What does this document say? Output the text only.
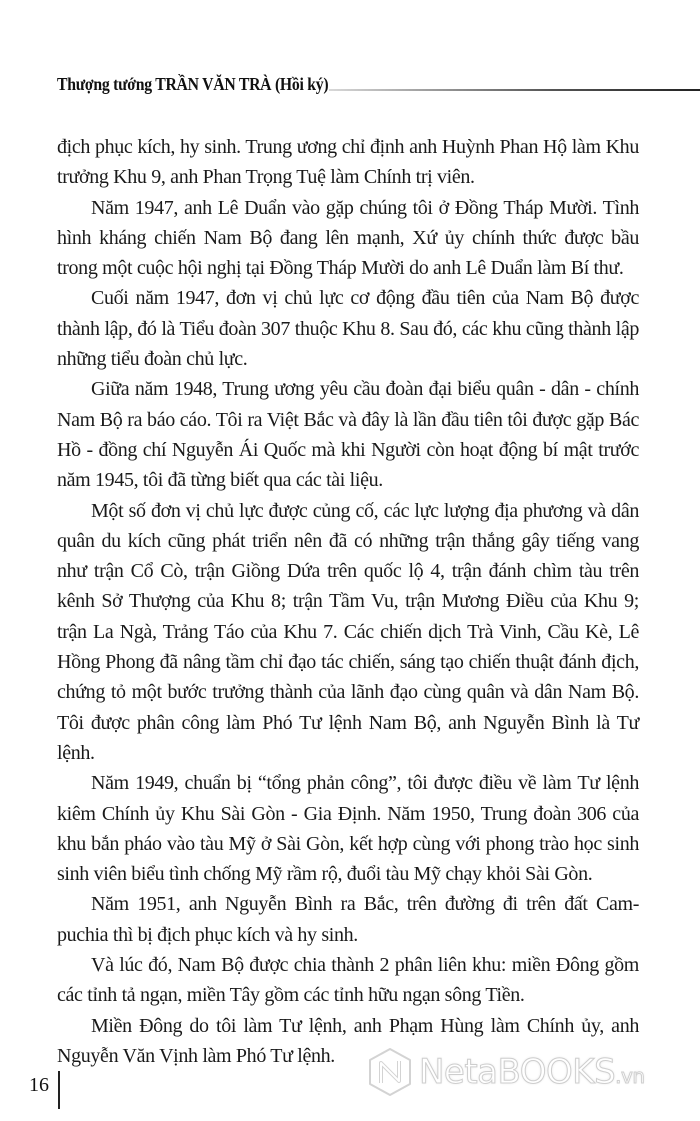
Thượng tướng TRẦN VĂN TRÀ (Hồi ký)

địch phục kích, hy sinh. Trung ương chỉ định anh Huỳnh Phan Hộ làm Khu trưởng Khu 9, anh Phan Trọng Tuệ làm Chính trị viên.

Năm 1947, anh Lê Duẩn vào gặp chúng tôi ở Đồng Tháp Mười. Tình hình kháng chiến Nam Bộ đang lên mạnh, Xứ ủy chính thức được bầu trong một cuộc hội nghị tại Đồng Tháp Mười do anh Lê Duẩn làm Bí thư.

Cuối năm 1947, đơn vị chủ lực cơ động đầu tiên của Nam Bộ được thành lập, đó là Tiểu đoàn 307 thuộc Khu 8. Sau đó, các khu cũng thành lập những tiểu đoàn chủ lực.

Giữa năm 1948, Trung ương yêu cầu đoàn đại biểu quân - dân - chính Nam Bộ ra báo cáo. Tôi ra Việt Bắc và đây là lần đầu tiên tôi được gặp Bác Hồ - đồng chí Nguyễn Ái Quốc mà khi Người còn hoạt động bí mật trước năm 1945, tôi đã từng biết qua các tài liệu.

Một số đơn vị chủ lực được củng cố, các lực lượng địa phương và dân quân du kích cũng phát triển nên đã có những trận thắng gây tiếng vang như trận Cổ Cò, trận Giồng Dứa trên quốc lộ 4, trận đánh chìm tàu trên kênh Sở Thượng của Khu 8; trận Tầm Vu, trận Mương Điều của Khu 9; trận La Ngà, Trảng Táo của Khu 7. Các chiến dịch Trà Vinh, Cầu Kè, Lê Hồng Phong đã nâng tầm chỉ đạo tác chiến, sáng tạo chiến thuật đánh địch, chứng tỏ một bước trưởng thành của lãnh đạo cùng quân và dân Nam Bộ. Tôi được phân công làm Phó Tư lệnh Nam Bộ, anh Nguyễn Bình là Tư lệnh.

Năm 1949, chuẩn bị “tổng phản công”, tôi được điều về làm Tư lệnh kiêm Chính ủy Khu Sài Gòn - Gia Định. Năm 1950, Trung đoàn 306 của khu bắn pháo vào tàu Mỹ ở Sài Gòn, kết hợp cùng với phong trào học sinh sinh viên biểu tình chống Mỹ rầm rộ, đuổi tàu Mỹ chạy khỏi Sài Gòn.

Năm 1951, anh Nguyễn Bình ra Bắc, trên đường đi trên đất Cam-puchia thì bị địch phục kích và hy sinh.

Và lúc đó, Nam Bộ được chia thành 2 phân liên khu: miền Đông gồm các tỉnh tả ngạn, miền Tây gồm các tỉnh hữu ngạn sông Tiền.

Miền Đông do tôi làm Tư lệnh, anh Phạm Hùng làm Chính ủy, anh Nguyễn Văn Vịnh làm Phó Tư lệnh.

16	NetaBOOKS.vn
